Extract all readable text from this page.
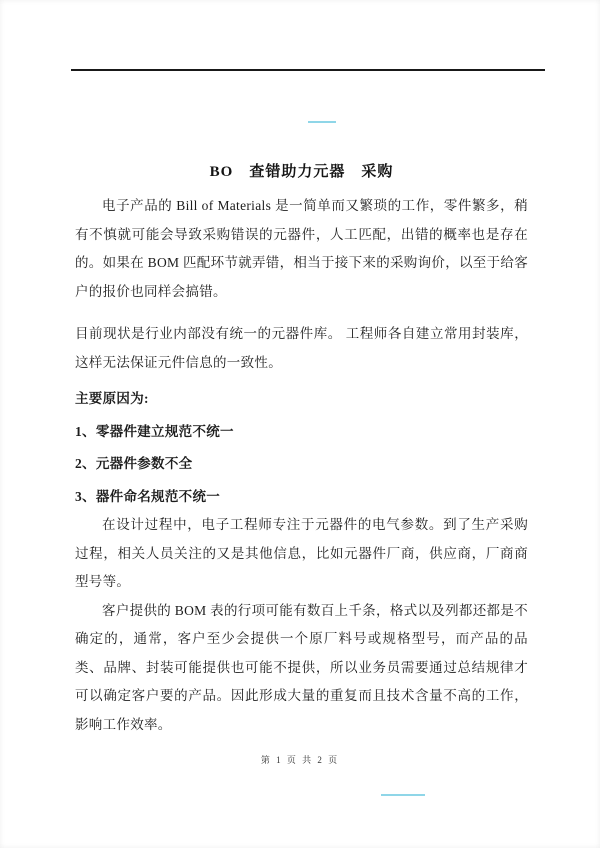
BO　查错助力元器　采购

电子产品的 Bill of Materials 是一简单而又繁琐的工作，零件繁多，稍有不慎就可能会导致采购错误的元器件，人工匹配，出错的概率也是存在的。如果在 BOM 匹配环节就弄错，相当于接下来的采购询价，以至于给客户的报价也同样会搞错。

目前现状是行业内部没有统一的元器件库。 工程师各自建立常用封装库，这样无法保证元件信息的一致性。

主要原因为:

1、零器件建立规范不统一

2、元器件参数不全

3、器件命名规范不统一

在设计过程中，电子工程师专注于元器件的电气参数。到了生产采购过程，相关人员关注的又是其他信息，比如元器件厂商，供应商，厂商商型号等。

客户提供的 BOM 表的行项可能有数百上千条，格式以及列都还都是不确定的，通常，客户至少会提供一个原厂料号或规格型号，而产品的品类、品牌、封装可能提供也可能不提供，所以业务员需要通过总结规律才可以确定客户要的产品。因此形成大量的重复而且技术含量不高的工作，影响工作效率。

第 1 页 共 2 页
